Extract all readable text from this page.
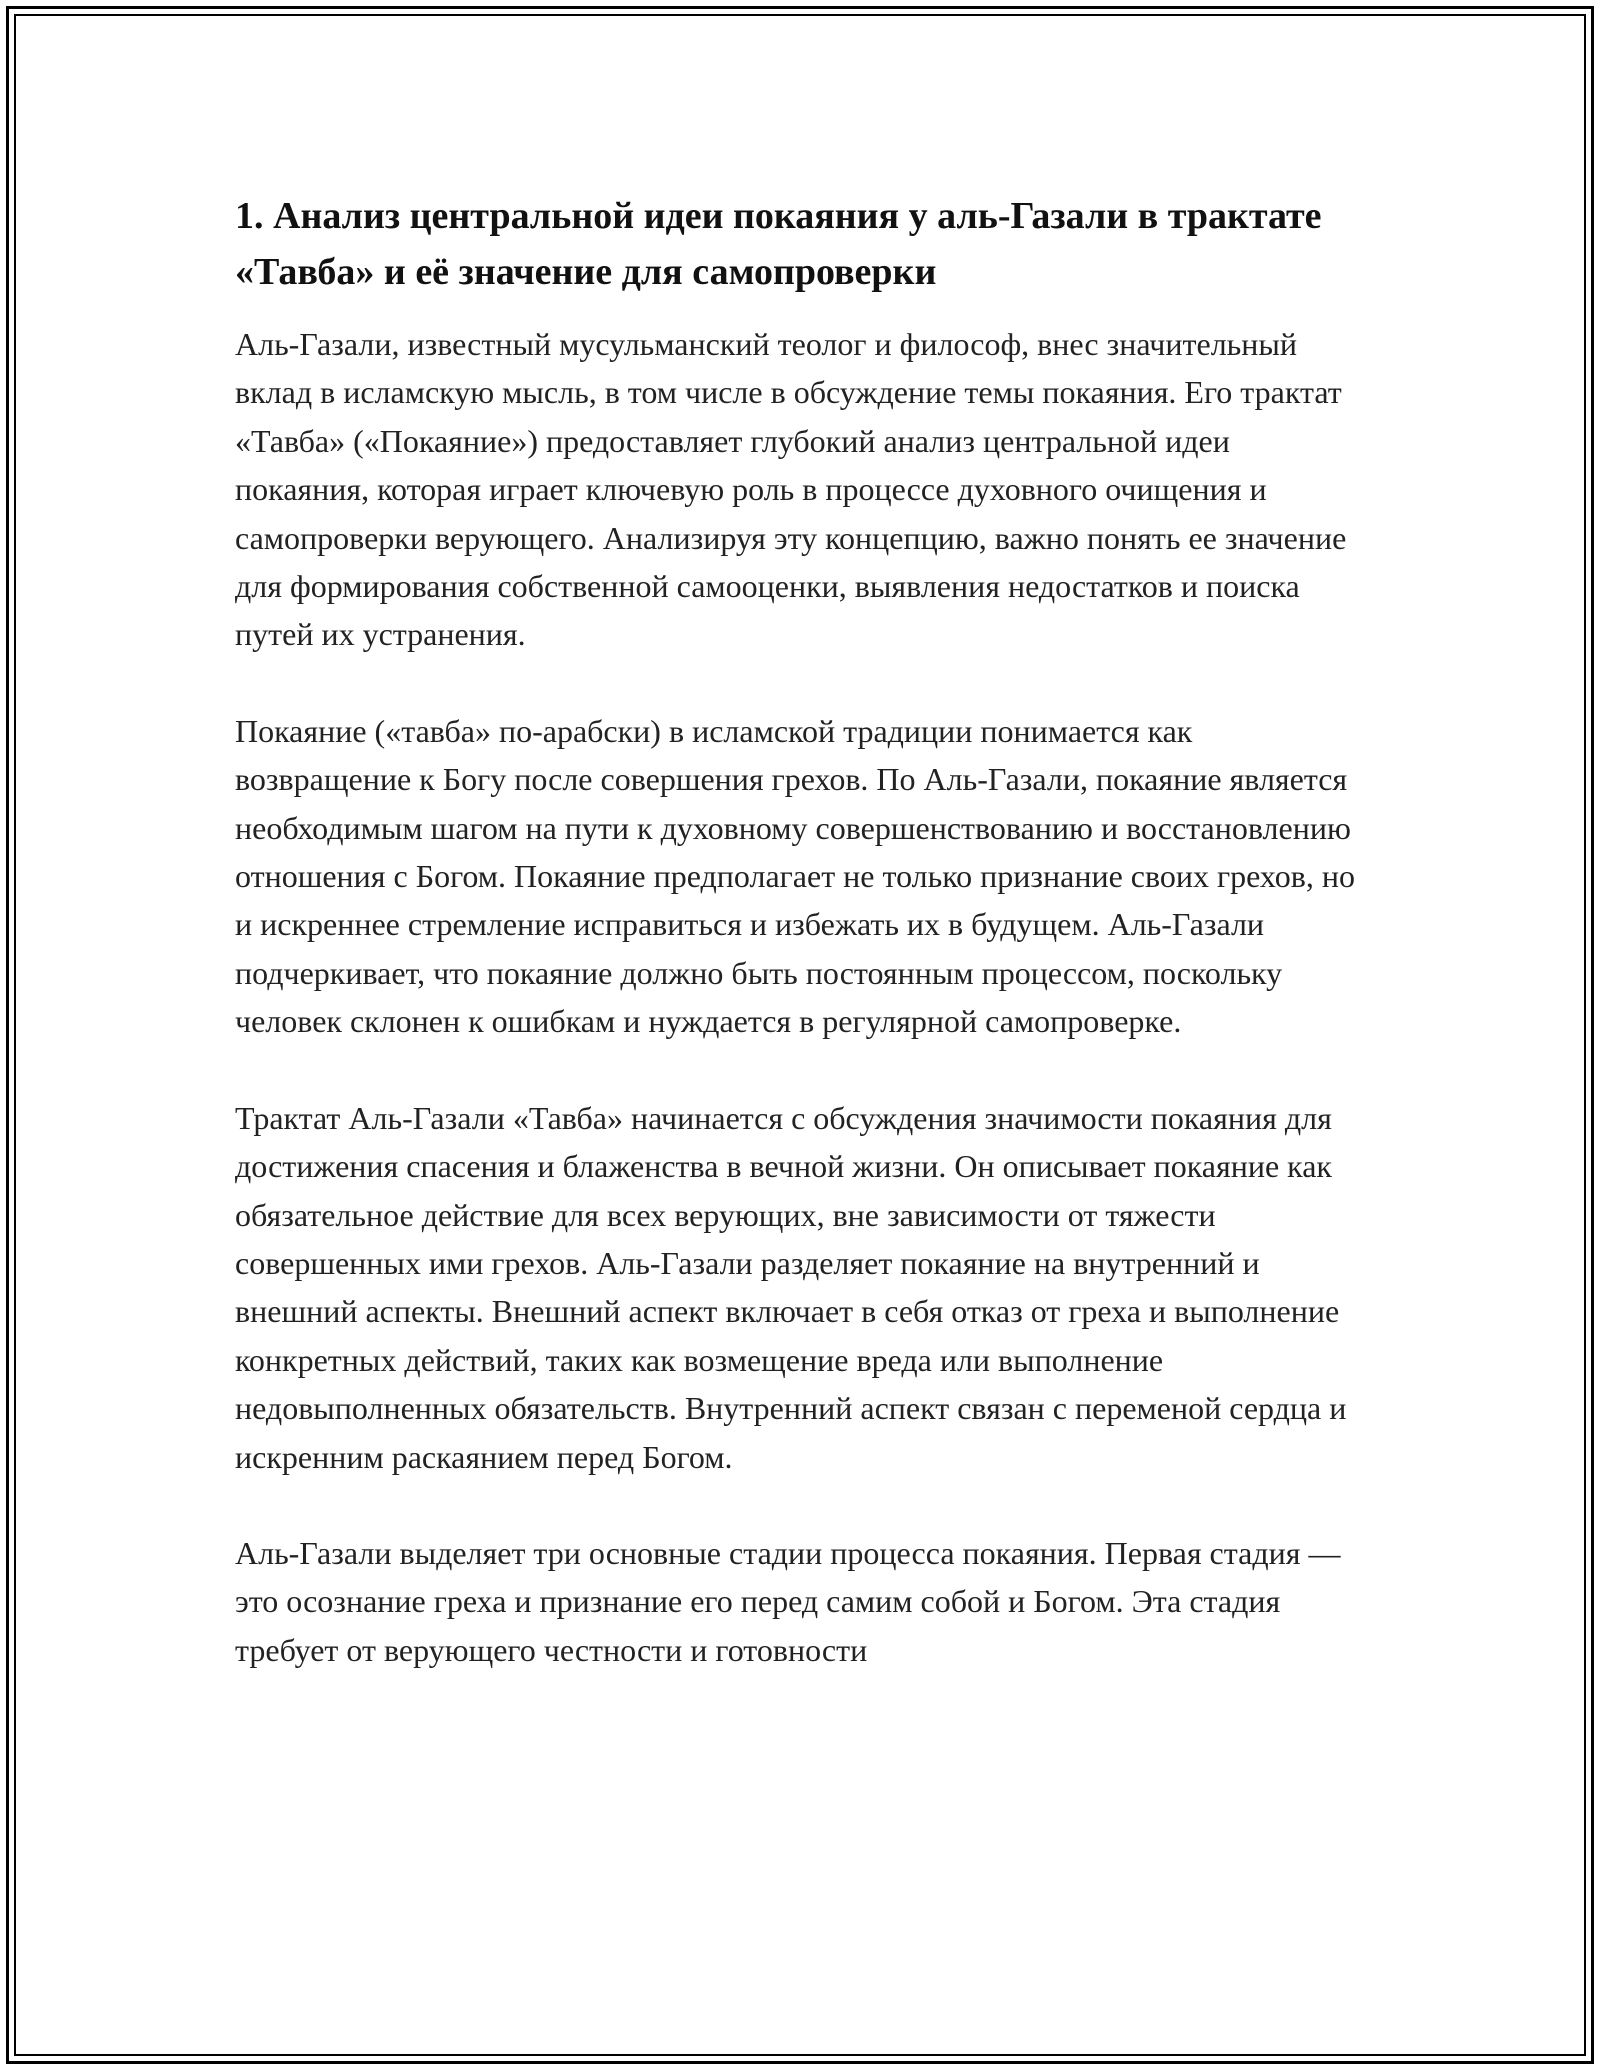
1. Анализ центральной идеи покаяния у аль-Газали в трактате «Тавба» и её значение для самопроверки

Аль-Газали, известный мусульманский теолог и философ, внес значительный вклад в исламскую мысль, в том числе в обсуждение темы покаяния. Его трактат «Тавба» («Покаяние») предоставляет глубокий анализ центральной идеи покаяния, которая играет ключевую роль в процессе духовного очищения и самопроверки верующего. Анализируя эту концепцию, важно понять ее значение для формирования собственной самооценки, выявления недостатков и поиска путей их устранения.

Покаяние («тавба» по-арабски) в исламской традиции понимается как возвращение к Богу после совершения грехов. По Аль-Газали, покаяние является необходимым шагом на пути к духовному совершенствованию и восстановлению отношения с Богом. Покаяние предполагает не только признание своих грехов, но и искреннее стремление исправиться и избежать их в будущем. Аль-Газали подчеркивает, что покаяние должно быть постоянным процессом, поскольку человек склонен к ошибкам и нуждается в регулярной самопроверке.

Трактат Аль-Газали «Тавба» начинается с обсуждения значимости покаяния для достижения спасения и блаженства в вечной жизни. Он описывает покаяние как обязательное действие для всех верующих, вне зависимости от тяжести совершенных ими грехов. Аль-Газали разделяет покаяние на внутренний и внешний аспекты. Внешний аспект включает в себя отказ от греха и выполнение конкретных действий, таких как возмещение вреда или выполнение недовыполненных обязательств. Внутренний аспект связан с переменой сердца и искренним раскаянием перед Богом.

Аль-Газали выделяет три основные стадии процесса покаяния. Первая стадия — это осознание греха и признание его перед самим собой и Богом. Эта стадия требует от верующего честности и готовности
